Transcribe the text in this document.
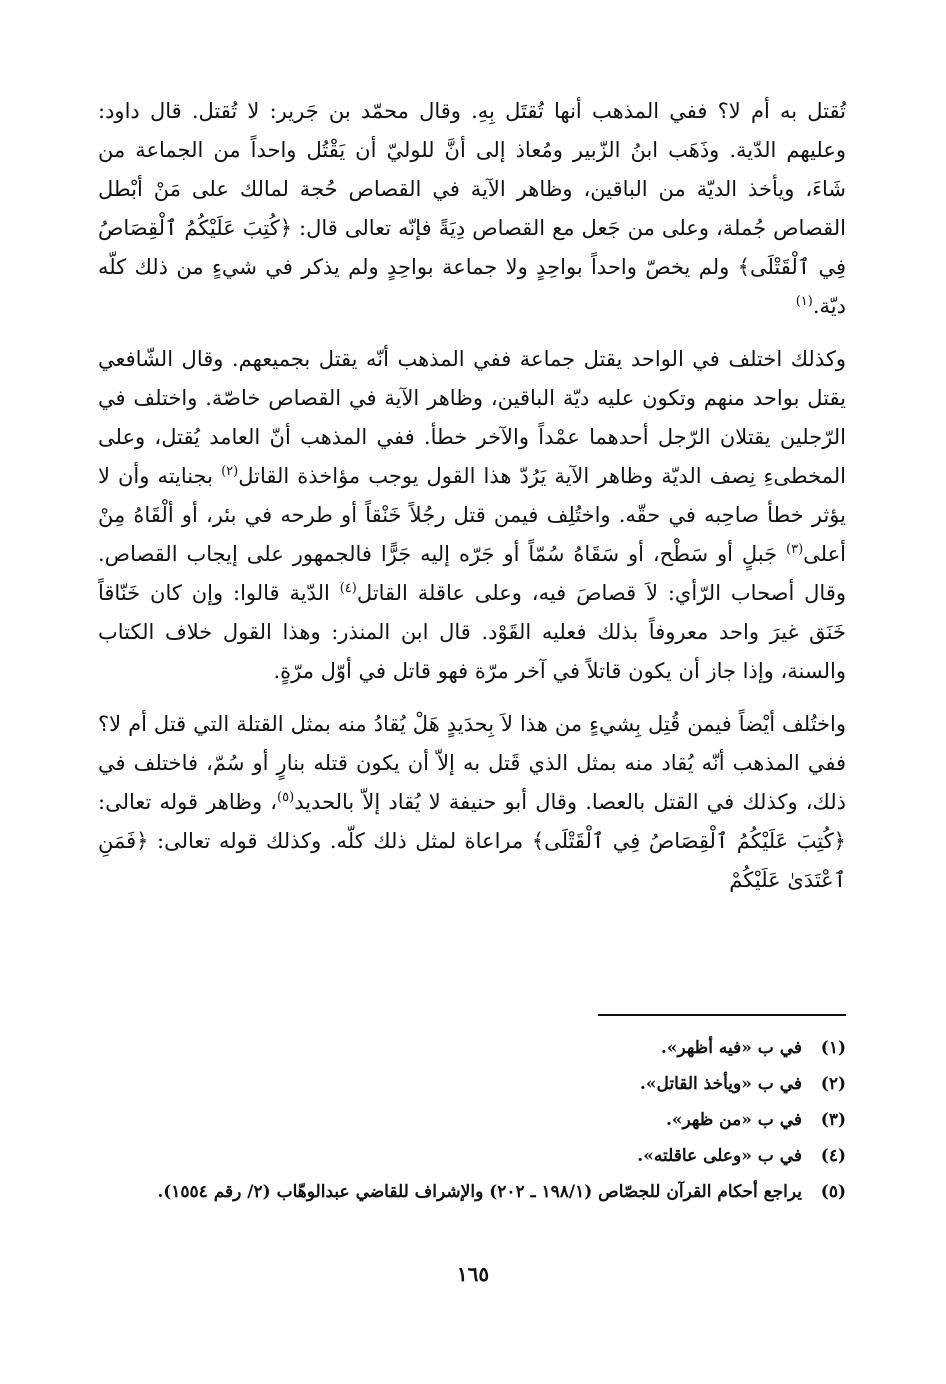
تُقتل به أم لا؟ ففي المذهب أنها تُقتَل بِهِ. وقال محمّد بن جَرير: لا تُقتل. قال داود: وعليهم الدّية. وذَهَب ابنُ الزّبير ومُعاذ إلى أنَّ للوليّ أن يَقْتُل واحداً من الجماعة من شَاءَ، ويأخذ الديّة من الباقين، وظاهر الآية في القصاص حُجة لمالك على مَنْ أبْطل القصاص جُملة، وعلى من جَعل مع القصاص دِيَةً فإنّه تعالى قال: ﴿كُتِبَ عَلَيْكُمُ ٱلْقِصَاصُ فِي ٱلْقَتْلَى﴾ ولم يخصّ واحداً بواحِدٍ ولا جماعة بواحِدٍ ولم يذكر في شيءٍ من ذلك كلّه ديّة.$^{(١)}$

وكذلك اختلف في الواحد يقتل جماعة ففي المذهب أنّه يقتل بجميعهم. وقال الشّافعي يقتل بواحد منهم وتكون عليه ديّة الباقين، وظاهر الآية في القصاص خاصّة. واختلف في الرّجلين يقتلان الرّجل أحدهما عمْداً والآخر خطأ. ففي المذهب أنّ العامد يُقتل، وعلى المخطىءِ نِصف الديّة وظاهر الآية يَرُدّ هذا القول يوجب مؤاخذة القاتل$^{(٢)}$ بجنايته وأن لا يؤثر خطأ صاحِبه في حقّه. واختُلِف فيمن قتل رجُلاً خَنْقاً أو طرحه في بئر، أو ألْقَاهُ مِنْ أعلى$^{(٣)}$ جَبلٍ أو سَطْح، أو سَقَاهُ سُمّاً أو جَرّه إليه جَرًّا فالجمهور على إيجاب القصاص. وقال أصحاب الرّأي: لاَ قصاصَ فيه، وعلى عاقلة القاتل$^{(٤)}$ الدّية قالوا: وإن كان خَنّاقاً خَنَق غيرَ واحد معروفاً بذلك فعليه القَوْد. قال ابن المنذر: وهذا القول خلاف الكتاب والسنة، وإذا جاز أن يكون قاتلاً في آخر مرّة فهو قاتل في أوّل مرّةٍ.

واختُلف أيْضاً فيمن قُتِل بِشيءٍ من هذا لاَ بِحدَيدٍ هَلْ يُقادُ منه بمثل القتلة التي قتل أم لا؟ ففي المذهب أنّه يُقاد منه بمثل الذي قَتل به إلاّ أن يكون قتله بنارٍ أو سُمّ، فاختلف في ذلك، وكذلك في القتل بالعصا. وقال أبو حنيفة لا يُقاد إلاّ بالحديد$^{(٥)}$، وظاهر قوله تعالى: ﴿كُتِبَ عَلَيْكُمُ ٱلْقِصَاصُ فِي ٱلْقَتْلَى﴾ مراعاة لمثل ذلك كلّه. وكذلك قوله تعالى: ﴿فَمَنِ ٱعْتَدَىٰ عَلَيْكُمْ

(١)
في ب «فيه أظهر».
(٢)
في ب «ويأخذ القاتل».
(٣)
في ب «من ظهر».
(٤)
في ب «وعلى عاقلته».
(٥)
يراجع أحكام القرآن للجصّاص (١٩٨/١ ـ ٢٠٢) والإشراف للقاضي عبدالوهّاب (٢/ رقم ١٥٥٤).
١٦٥
